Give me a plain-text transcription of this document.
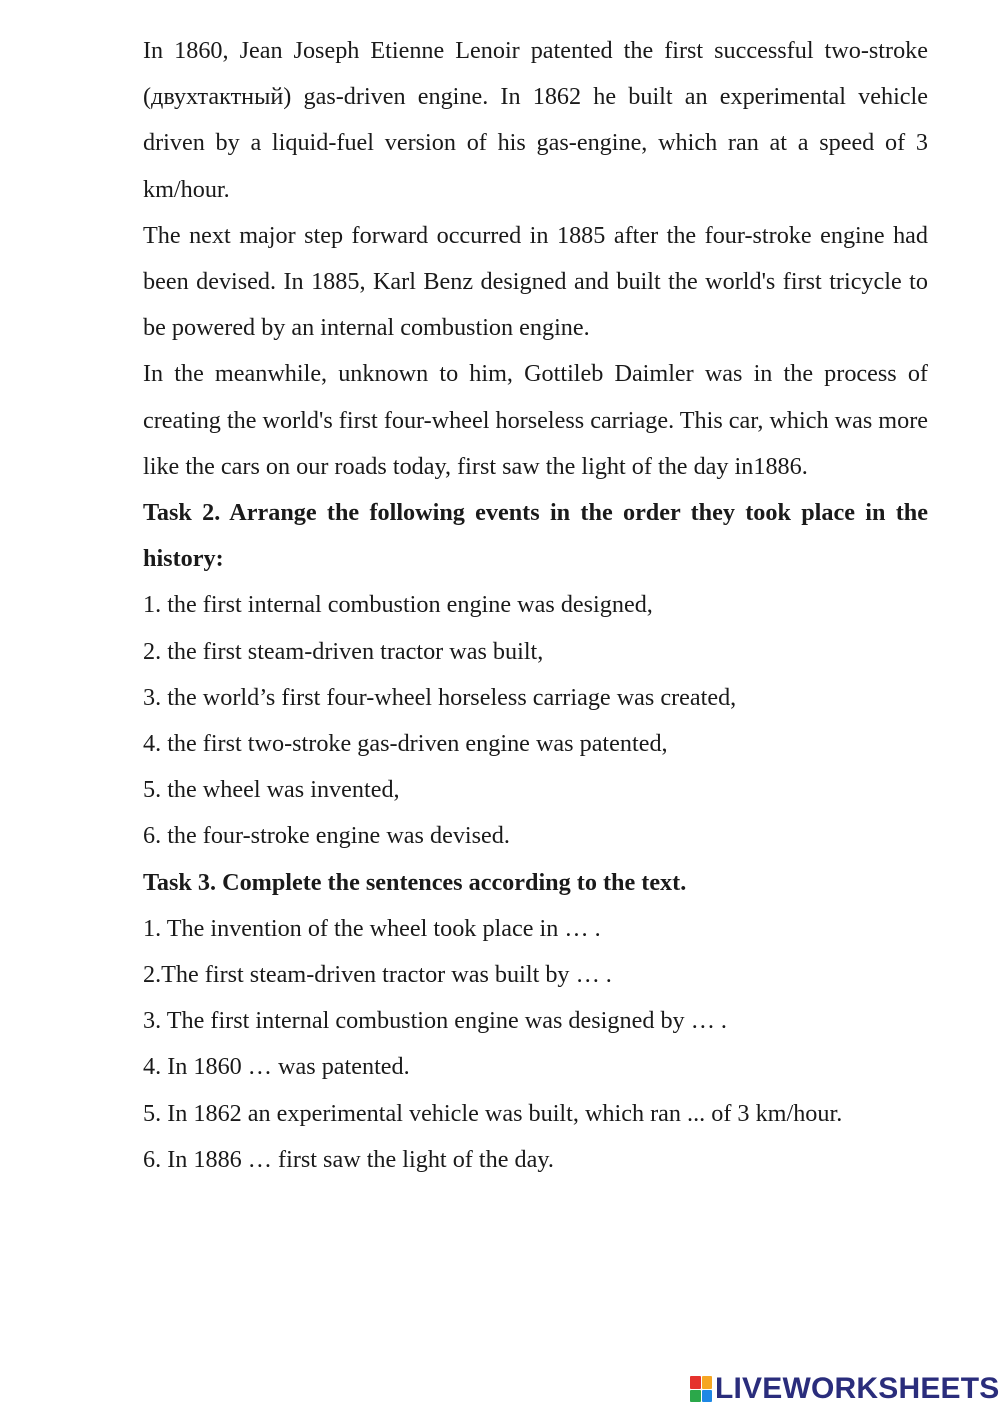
In 1860, Jean Joseph Etienne Lenoir patented the first successful two-stroke (двухтактный) gas-driven engine. In 1862 he built an experimental vehicle driven by a liquid-fuel version of his gas-engine, which ran at a speed of 3 km/hour.

The next major step forward occurred in 1885 after the four-stroke engine had been devised. In 1885, Karl Benz designed and built the world's first tricycle to be powered by an internal combustion engine.

In the meanwhile, unknown to him, Gottileb Daimler was in the process of creating the world's first four-wheel horseless carriage. This car, which was more like the cars on our roads today, first saw the light of the day in1886.

Task 2. Arrange the following events in the order they took place in the history:

1. the first internal combustion engine was designed,
2. the first steam-driven tractor was built,
3. the world’s first four-wheel horseless carriage was created,
4. the first two-stroke gas-driven engine was patented,
5. the wheel was invented,
6. the four-stroke engine was devised.

Task 3. Complete the sentences according to the text.

1. The invention of the wheel took place in … .
2.The first steam-driven tractor was built by … .
3. The first internal combustion engine was designed by … .
4. In 1860 … was patented.
5. In 1862 an experimental vehicle was built, which ran ... of 3 km/hour.
6. In 1886 … first saw the light of the day.
LIVEWORKSHEETS
